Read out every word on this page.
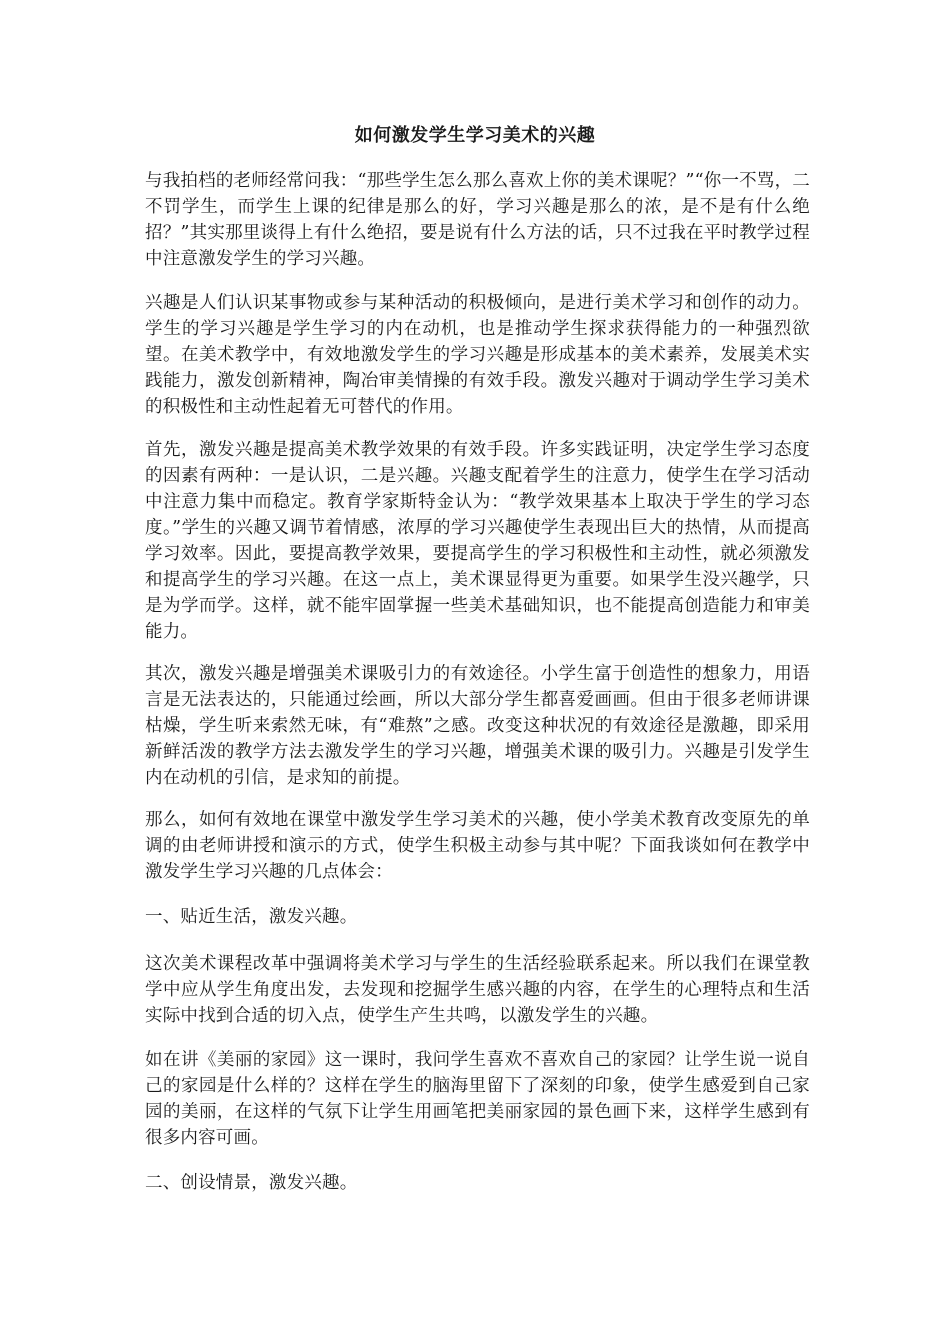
如何激发学生学习美术的兴趣
与我拍档的老师经常问我：“那些学生怎么那么喜欢上你的美术课呢？”“你一不骂，二不罚学生，而学生上课的纪律是那么的好，学习兴趣是那么的浓，是不是有什么绝招？”其实那里谈得上有什么绝招，要是说有什么方法的话，只不过我在平时教学过程中注意激发学生的学习兴趣。
兴趣是人们认识某事物或参与某种活动的积极倾向，是进行美术学习和创作的动力。学生的学习兴趣是学生学习的内在动机，也是推动学生探求获得能力的一种强烈欲望。在美术教学中，有效地激发学生的学习兴趣是形成基本的美术素养，发展美术实践能力，激发创新精神，陶冶审美情操的有效手段。激发兴趣对于调动学生学习美术的积极性和主动性起着无可替代的作用。
首先，激发兴趣是提高美术教学效果的有效手段。许多实践证明，决定学生学习态度的因素有两种：一是认识，二是兴趣。兴趣支配着学生的注意力，使学生在学习活动中注意力集中而稳定。教育学家斯特金认为：“教学效果基本上取决于学生的学习态度。”学生的兴趣又调节着情感，浓厚的学习兴趣使学生表现出巨大的热情，从而提高学习效率。因此，要提高教学效果，要提高学生的学习积极性和主动性，就必须激发和提高学生的学习兴趣。在这一点上，美术课显得更为重要。如果学生没兴趣学，只是为学而学。这样，就不能牢固掌握一些美术基础知识，也不能提高创造能力和审美能力。
其次，激发兴趣是增强美术课吸引力的有效途径。小学生富于创造性的想象力，用语言是无法表达的，只能通过绘画，所以大部分学生都喜爱画画。但由于很多老师讲课枯燥，学生听来索然无味，有“难熬”之感。改变这种状况的有效途径是激趣，即采用新鲜活泼的教学方法去激发学生的学习兴趣，增强美术课的吸引力。兴趣是引发学生内在动机的引信，是求知的前提。
那么，如何有效地在课堂中激发学生学习美术的兴趣，使小学美术教育改变原先的单调的由老师讲授和演示的方式，使学生积极主动参与其中呢？下面我谈如何在教学中激发学生学习兴趣的几点体会：
一、贴近生活，激发兴趣。
这次美术课程改革中强调将美术学习与学生的生活经验联系起来。所以我们在课堂教学中应从学生角度出发，去发现和挖掘学生感兴趣的内容，在学生的心理特点和生活实际中找到合适的切入点，使学生产生共鸣，以激发学生的兴趣。
如在讲《美丽的家园》这一课时，我问学生喜欢不喜欢自己的家园？让学生说一说自己的家园是什么样的？这样在学生的脑海里留下了深刻的印象，使学生感爱到自己家园的美丽，在这样的气氛下让学生用画笔把美丽家园的景色画下来，这样学生感到有很多内容可画。
二、创设情景，激发兴趣。
